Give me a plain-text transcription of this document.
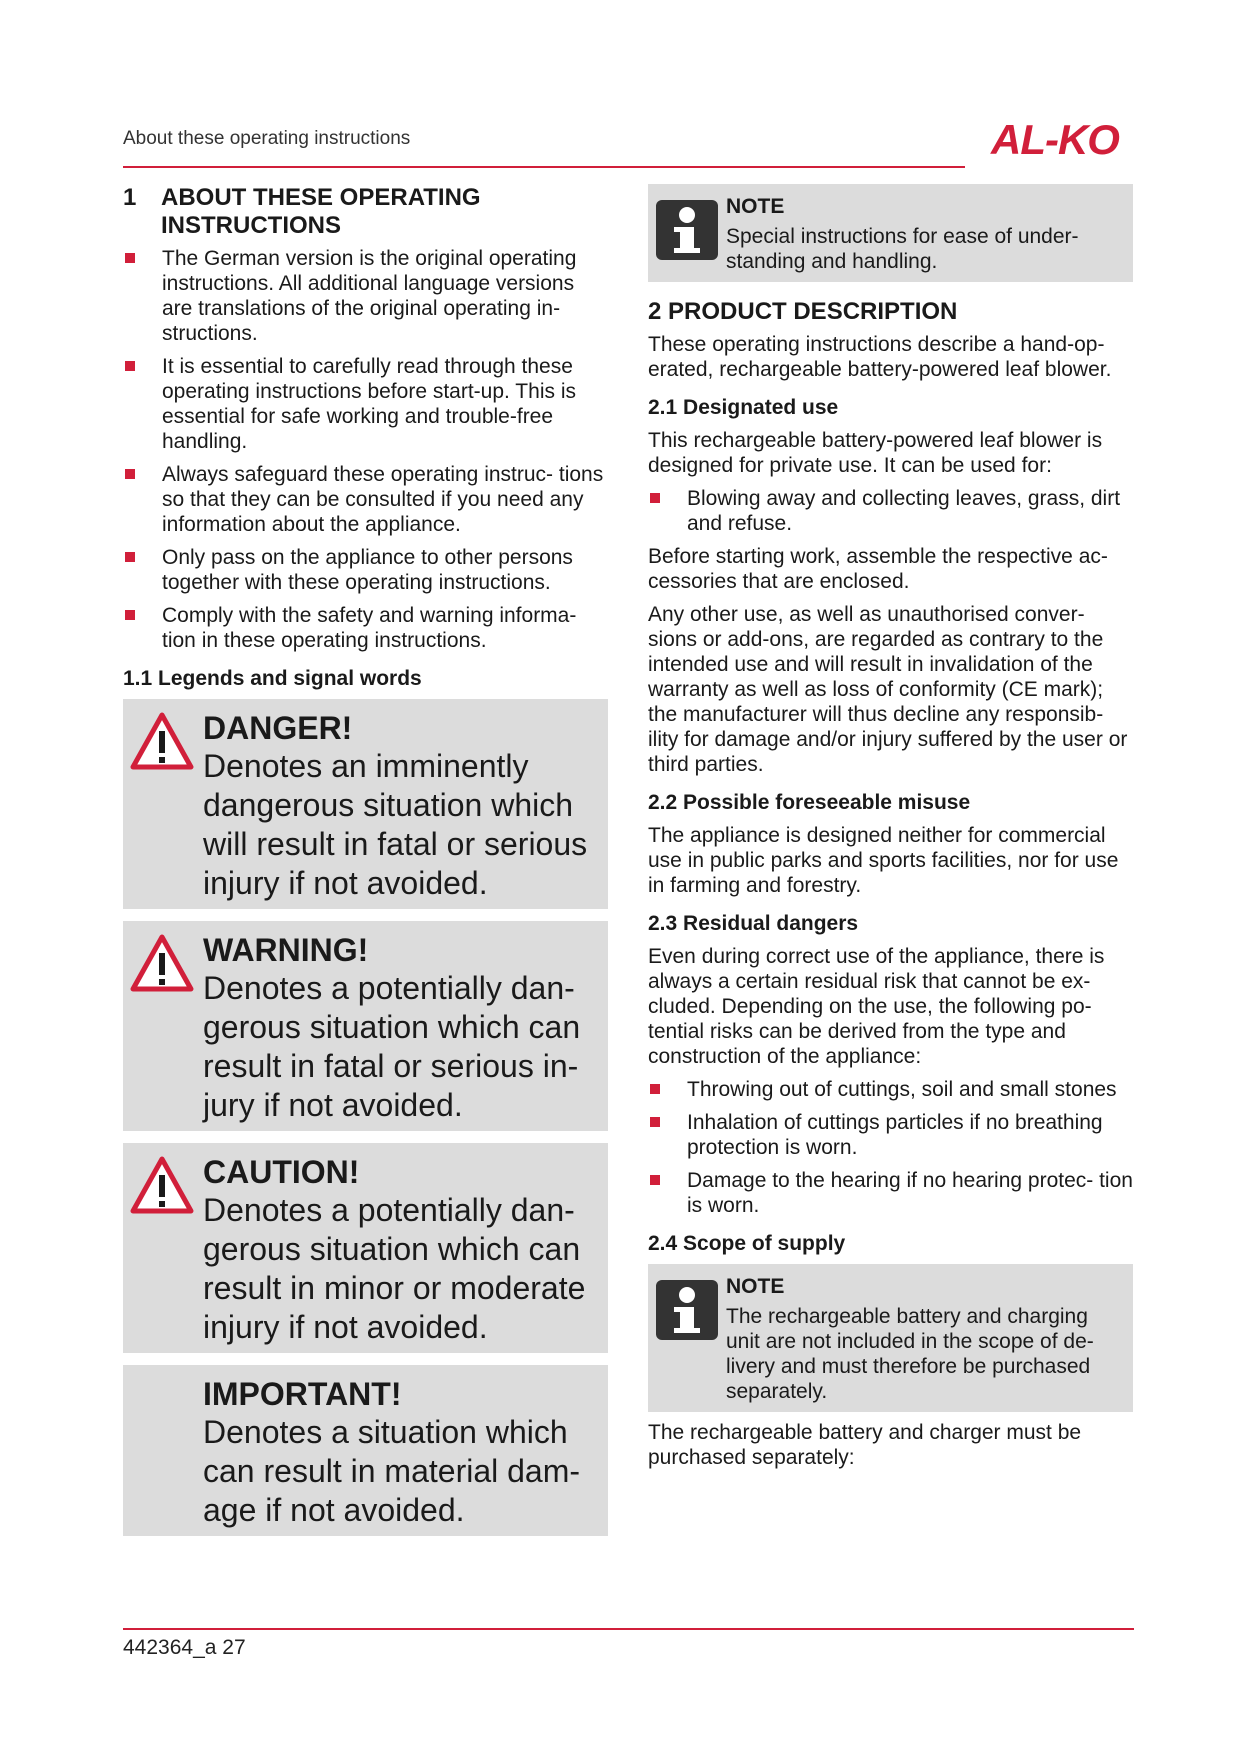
About these operating instructions	AL-KO
1 ABOUT THESE OPERATING
INSTRUCTIONS
The German version is the original operating instructions. All additional language versions are translations of the original operating in- structions.
It is essential to carefully read through these operating instructions before start-up. This is essential for safe working and trouble-free handling.
Always safeguard these operating instruc- tions so that they can be consulted if you need any information about the appliance.
Only pass on the appliance to other persons together with these operating instructions.
Comply with the safety and warning informa- tion in these operating instructions.
1.1 Legends and signal words
DANGER!
Denotes an imminently dangerous situation which will result in fatal or serious injury if not avoided.
WARNING!
Denotes a potentially dan- gerous situation which can result in fatal or serious in- jury if not avoided.
CAUTION!
Denotes a potentially dan- gerous situation which can result in minor or moderate injury if not avoided.
IMPORTANT!
Denotes a situation which can result in material dam- age if not avoided.
NOTE
Special instructions for ease of under- standing and handling.
2 PRODUCT DESCRIPTION

These operating instructions describe a hand-op- erated, rechargeable battery-powered leaf blower.

2.1 Designated use

This rechargeable battery-powered leaf blower is designed for private use. It can be used for:

Blowing away and collecting leaves, grass, dirt and refuse.

Before starting work, assemble the respective ac- cessories that are enclosed.

Any other use, as well as unauthorised conver- sions or add-ons, are regarded as contrary to the intended use and will result in invalidation of the warranty as well as loss of conformity (CE mark); the manufacturer will thus decline any responsib- ility for damage and/or injury suffered by the user or third parties.

2.2 Possible foreseeable misuse

The appliance is designed neither for commercial use in public parks and sports facilities, nor for use in farming and forestry.

2.3 Residual dangers

Even during correct use of the appliance, there is always a certain residual risk that cannot be ex- cluded. Depending on the use, the following po- tential risks can be derived from the type and construction of the appliance:

Throwing out of cuttings, soil and small stones
Inhalation of cuttings particles if no breathing protection is worn.
Damage to the hearing if no hearing protec- tion is worn.
2.4 Scope of supply
NOTE
The rechargeable battery and charging unit are not included in the scope of de- livery and must therefore be purchased separately.

The rechargeable battery and charger must be purchased separately:

442364_a 27
